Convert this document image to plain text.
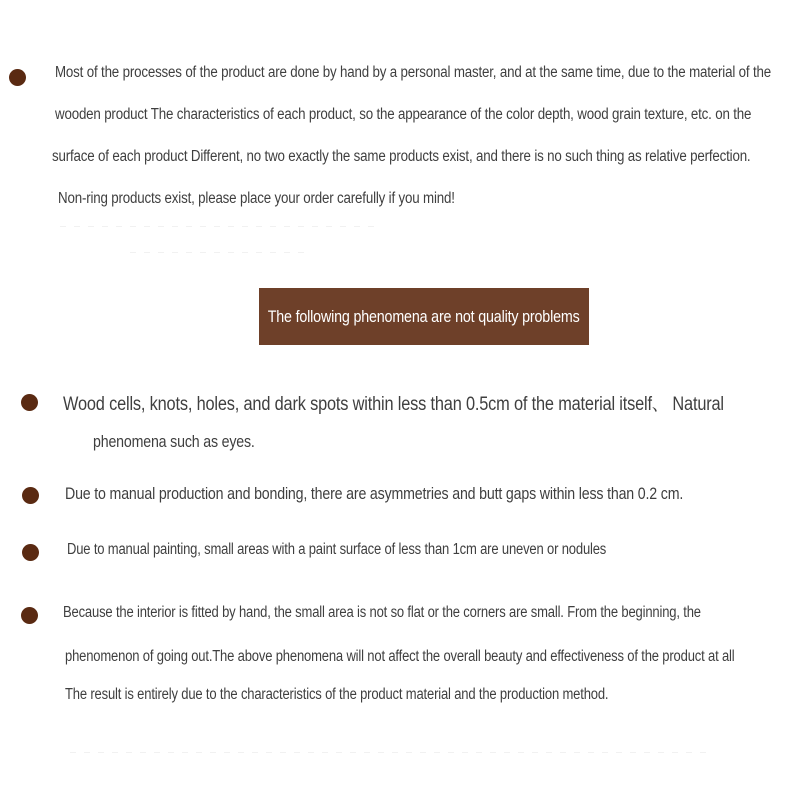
Most of the processes of the product are done by hand by a personal master, and at the same time, due to the material of the
wooden product The characteristics of each product, so the appearance of the color depth, wood grain texture, etc. on the
surface of each product Different, no two exactly the same products exist, and there is no such thing as relative perfection.
Non-ring products exist, please place your order carefully if you mind!
The following phenomena are not quality problems
Wood cells, knots, holes, and dark spots within less than 0.5cm of the material itself、 Natural
phenomena such as eyes.
Due to manual production and bonding, there are asymmetries and butt gaps within less than 0.2 cm.
Due to manual painting, small areas with a paint surface of less than 1cm are uneven or nodules
Because the interior is fitted by hand, the small area is not so flat or the corners are small. From the beginning, the
phenomenon of going out.The above phenomena will not affect the overall beauty and effectiveness of the product at all
The result is entirely due to the characteristics of the product material and the production method.
